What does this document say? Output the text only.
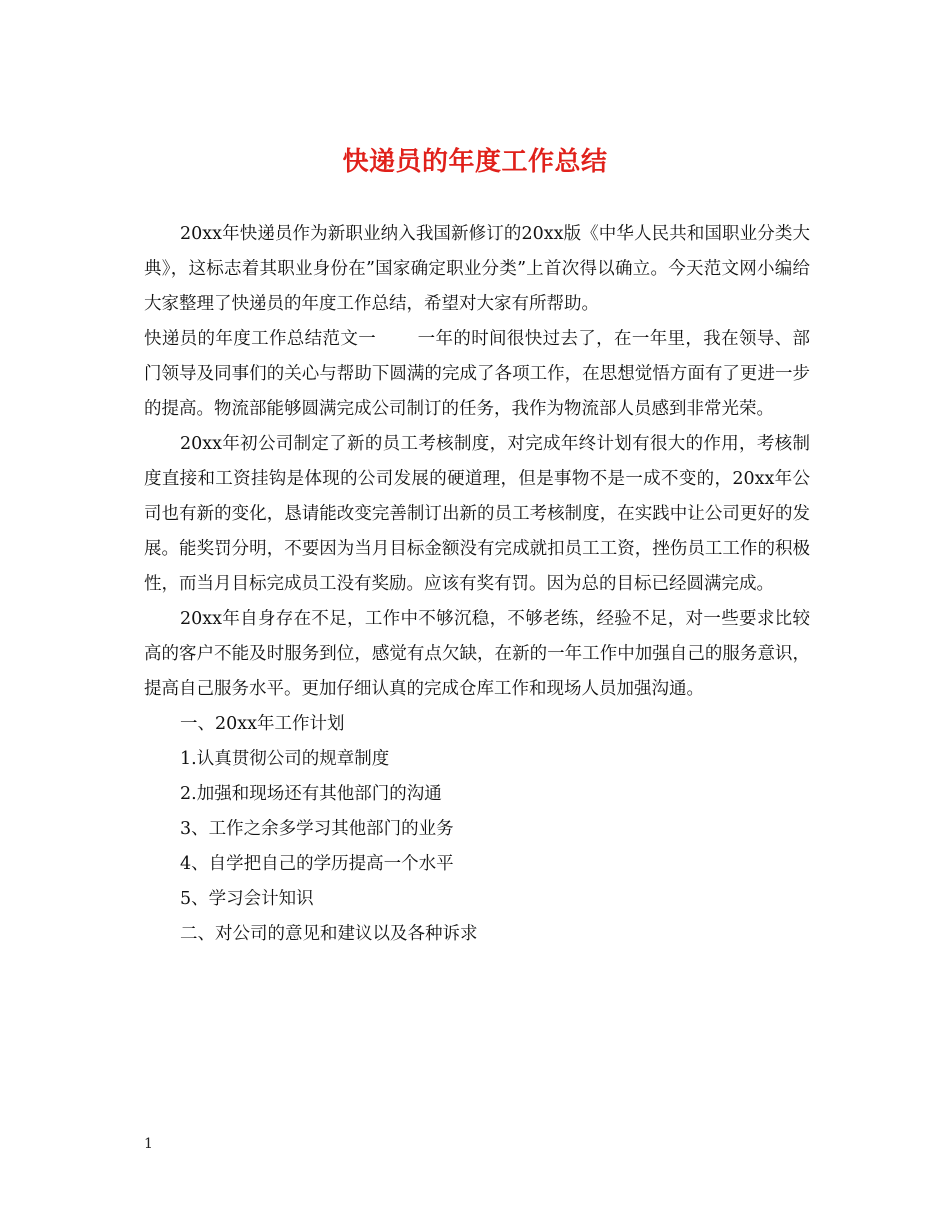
快递员的年度工作总结

20xx年快递员作为新职业纳入我国新修订的20xx版《中华人民共和国职业分类大典》，这标志着其职业身份在”国家确定职业分类”上首次得以确立。今天范文网小编给大家整理了快递员的年度工作总结，希望对大家有所帮助。

快递员的年度工作总结范文一　　 一年的时间很快过去了，在一年里，我在领导、部门领导及同事们的关心与帮助下圆满的完成了各项工作，在思想觉悟方面有了更进一步的提高。物流部能够圆满完成公司制订的任务，我作为物流部人员感到非常光荣。

20xx年初公司制定了新的员工考核制度，对完成年终计划有很大的作用，考核制度直接和工资挂钩是体现的公司发展的硬道理，但是事物不是一成不变的，20xx年公司也有新的变化，恳请能改变完善制订出新的员工考核制度，在实践中让公司更好的发展。能奖罚分明，不要因为当月目标金额没有完成就扣员工工资，挫伤员工工作的积极性，而当月目标完成员工没有奖励。应该有奖有罚。因为总的目标已经圆满完成。

20xx年自身存在不足，工作中不够沉稳，不够老练，经验不足，对一些要求比较高的客户不能及时服务到位，感觉有点欠缺，在新的一年工作中加强自己的服务意识，提高自己服务水平。更加仔细认真的完成仓库工作和现场人员加强沟通。

一、20xx年工作计划

1.认真贯彻公司的规章制度

2.加强和现场还有其他部门的沟通

3、工作之余多学习其他部门的业务

4、自学把自己的学历提高一个水平

5、学习会计知识

二、对公司的意见和建议以及各种诉求

1
